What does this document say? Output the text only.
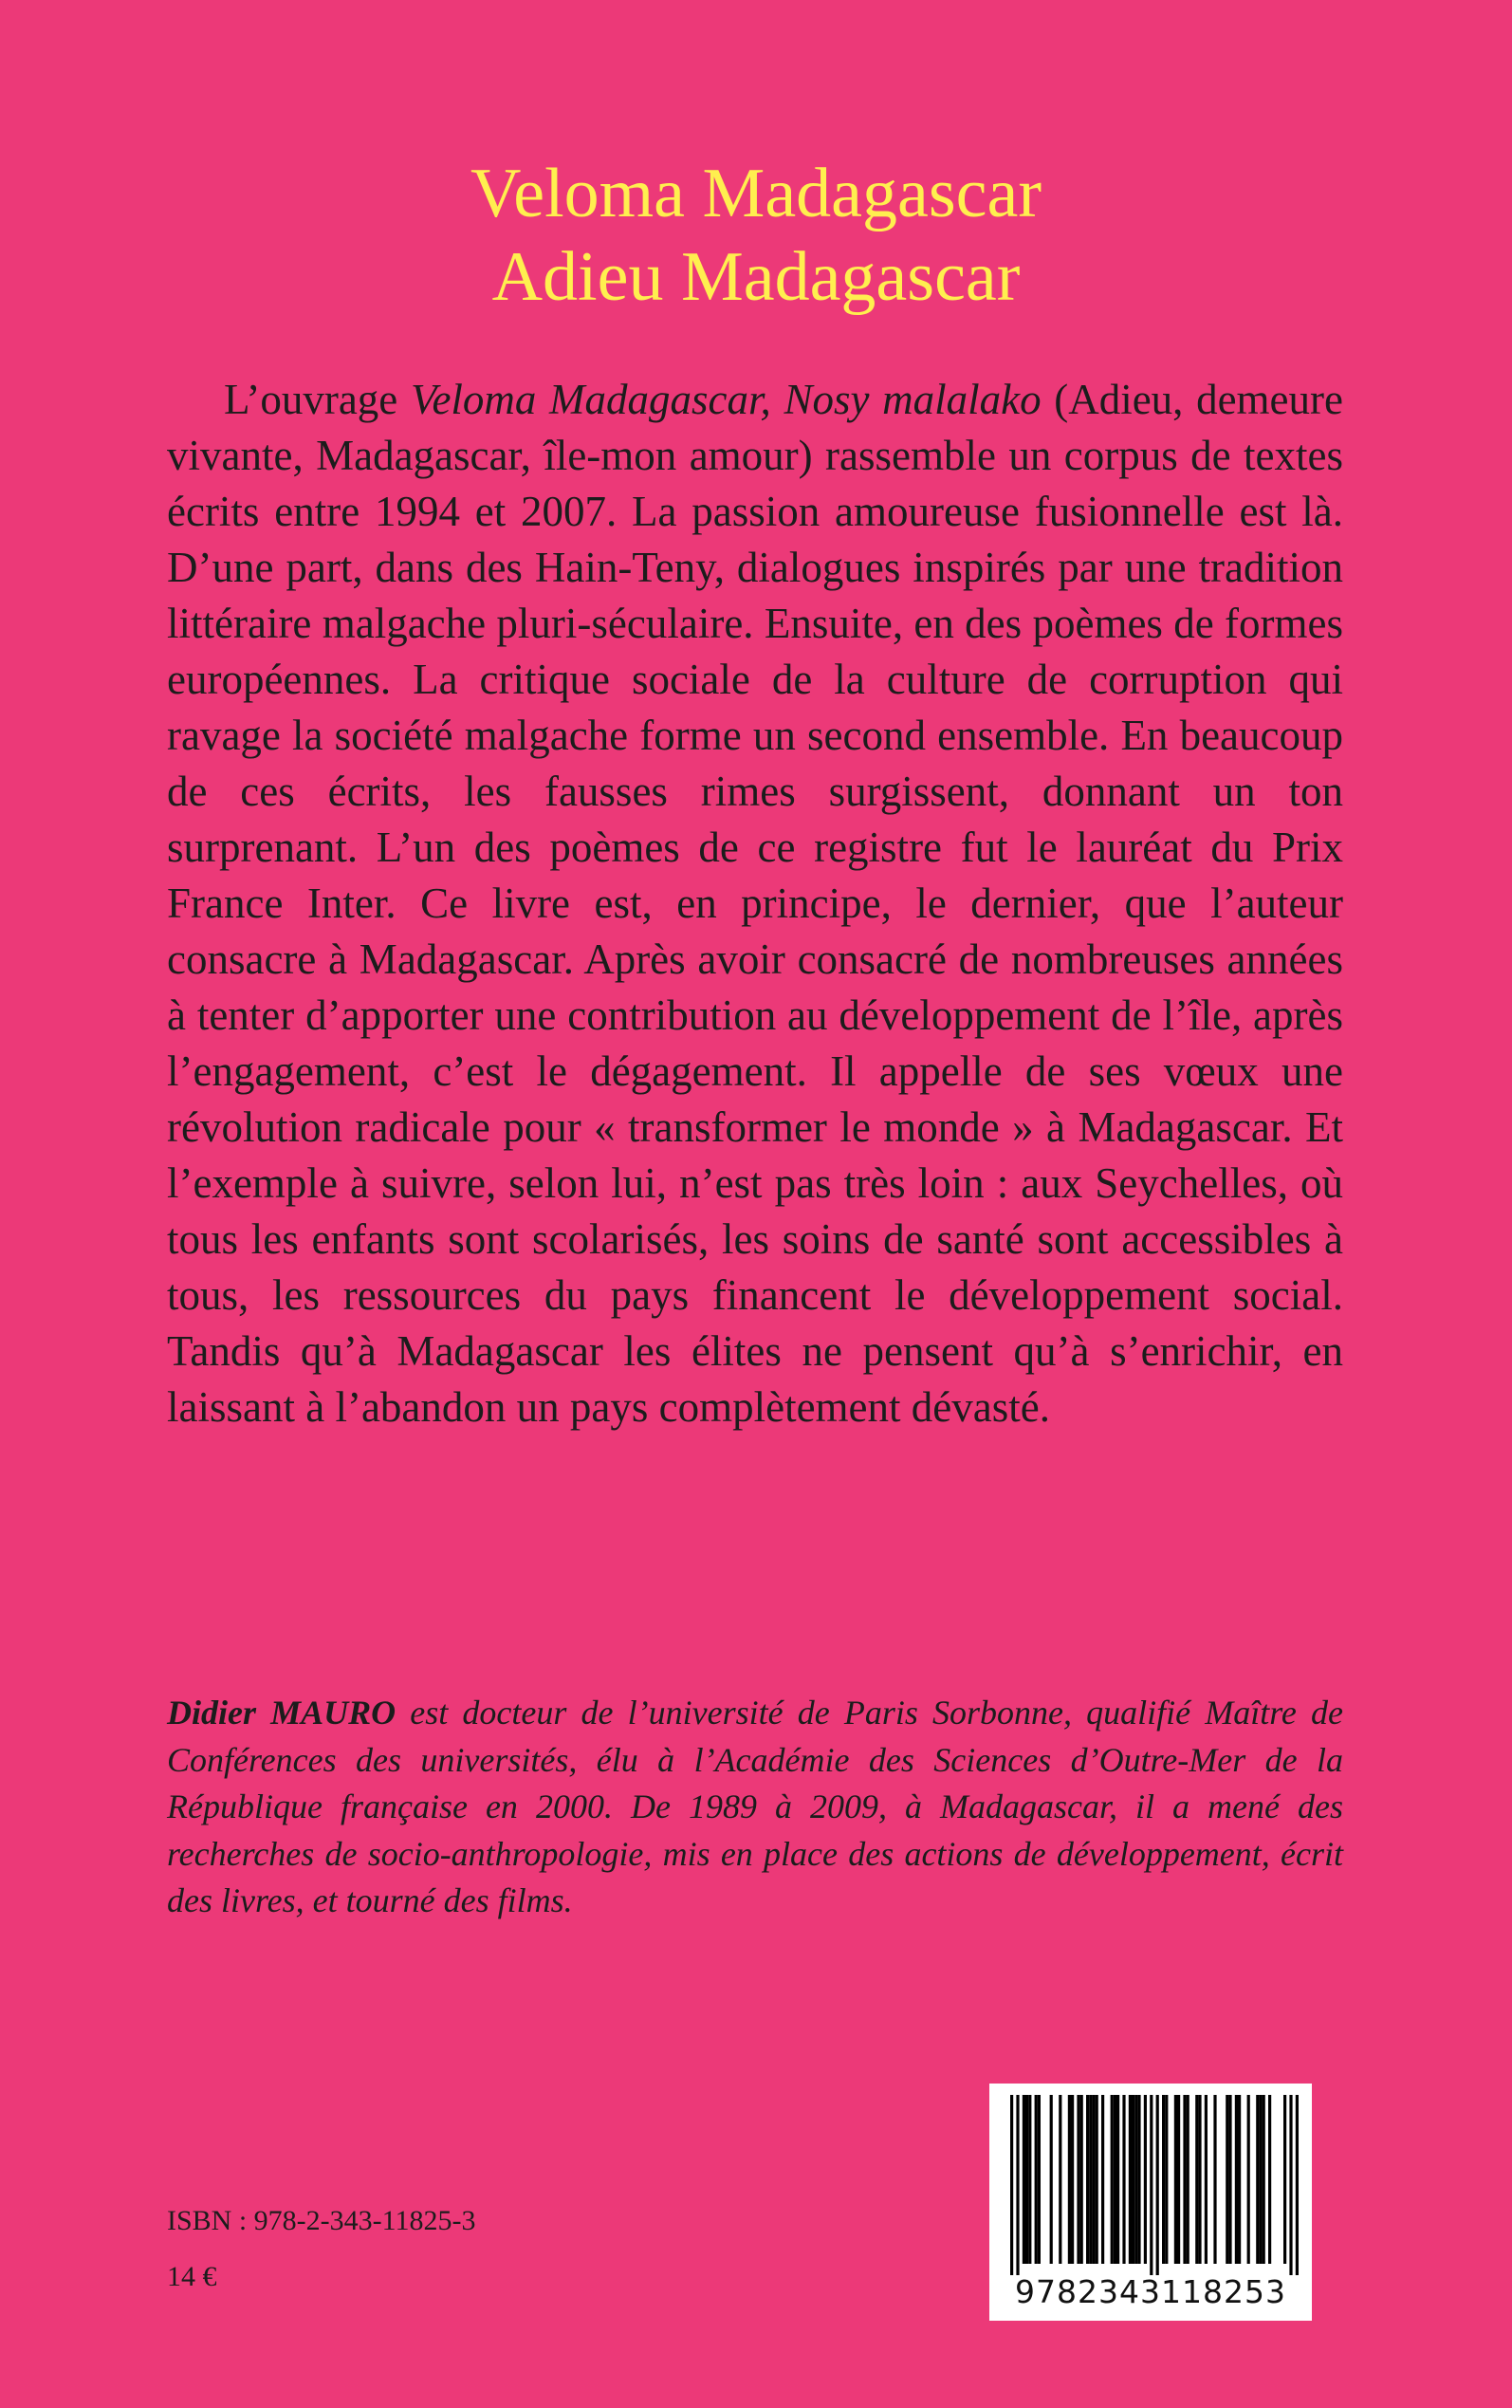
Veloma Madagascar
Adieu Madagascar
L’ouvrage Veloma Madagascar, Nosy malalako (Adieu, demeure vivante, Madagascar, île-mon amour) rassemble un corpus de textes écrits entre 1994 et 2007. La passion amoureuse fusionnelle est là. D’une part, dans des Hain-Teny, dialogues inspirés par une tradition littéraire malgache pluri-séculaire. Ensuite, en des poèmes de formes européennes. La critique sociale de la culture de corruption qui ravage la société malgache forme un second ensemble. En beaucoup de ces écrits, les fausses rimes surgissent, donnant un ton surprenant. L’un des poèmes de ce registre fut le lauréat du Prix France Inter. Ce livre est, en principe, le dernier, que l’auteur consacre à Madagascar. Après avoir consacré de nombreuses années à tenter d’apporter une contribution au développement de l’île, après l’engagement, c’est le dégagement. Il appelle de ses vœux une révolution radicale pour « transformer le monde » à Madagascar. Et l’exemple à suivre, selon lui, n’est pas très loin : aux Seychelles, où tous les enfants sont scolarisés, les soins de santé sont accessibles à tous, les ressources du pays financent le développement social. Tandis qu’à Madagascar les élites ne pensent qu’à s’enrichir, en laissant à l’abandon un pays complètement dévasté.
Didier MAURO est docteur de l’université de Paris Sorbonne, qualifié Maître de Conférences des universités, élu à l’Académie des Sciences d’Outre-Mer de la République française en 2000. De 1989 à 2009, à Madagascar, il a mené des recherches de socio-anthropologie, mis en place des actions de développement, écrit des livres, et tourné des films.
ISBN : 978-2-343-11825-3
14 €	9782343118253
